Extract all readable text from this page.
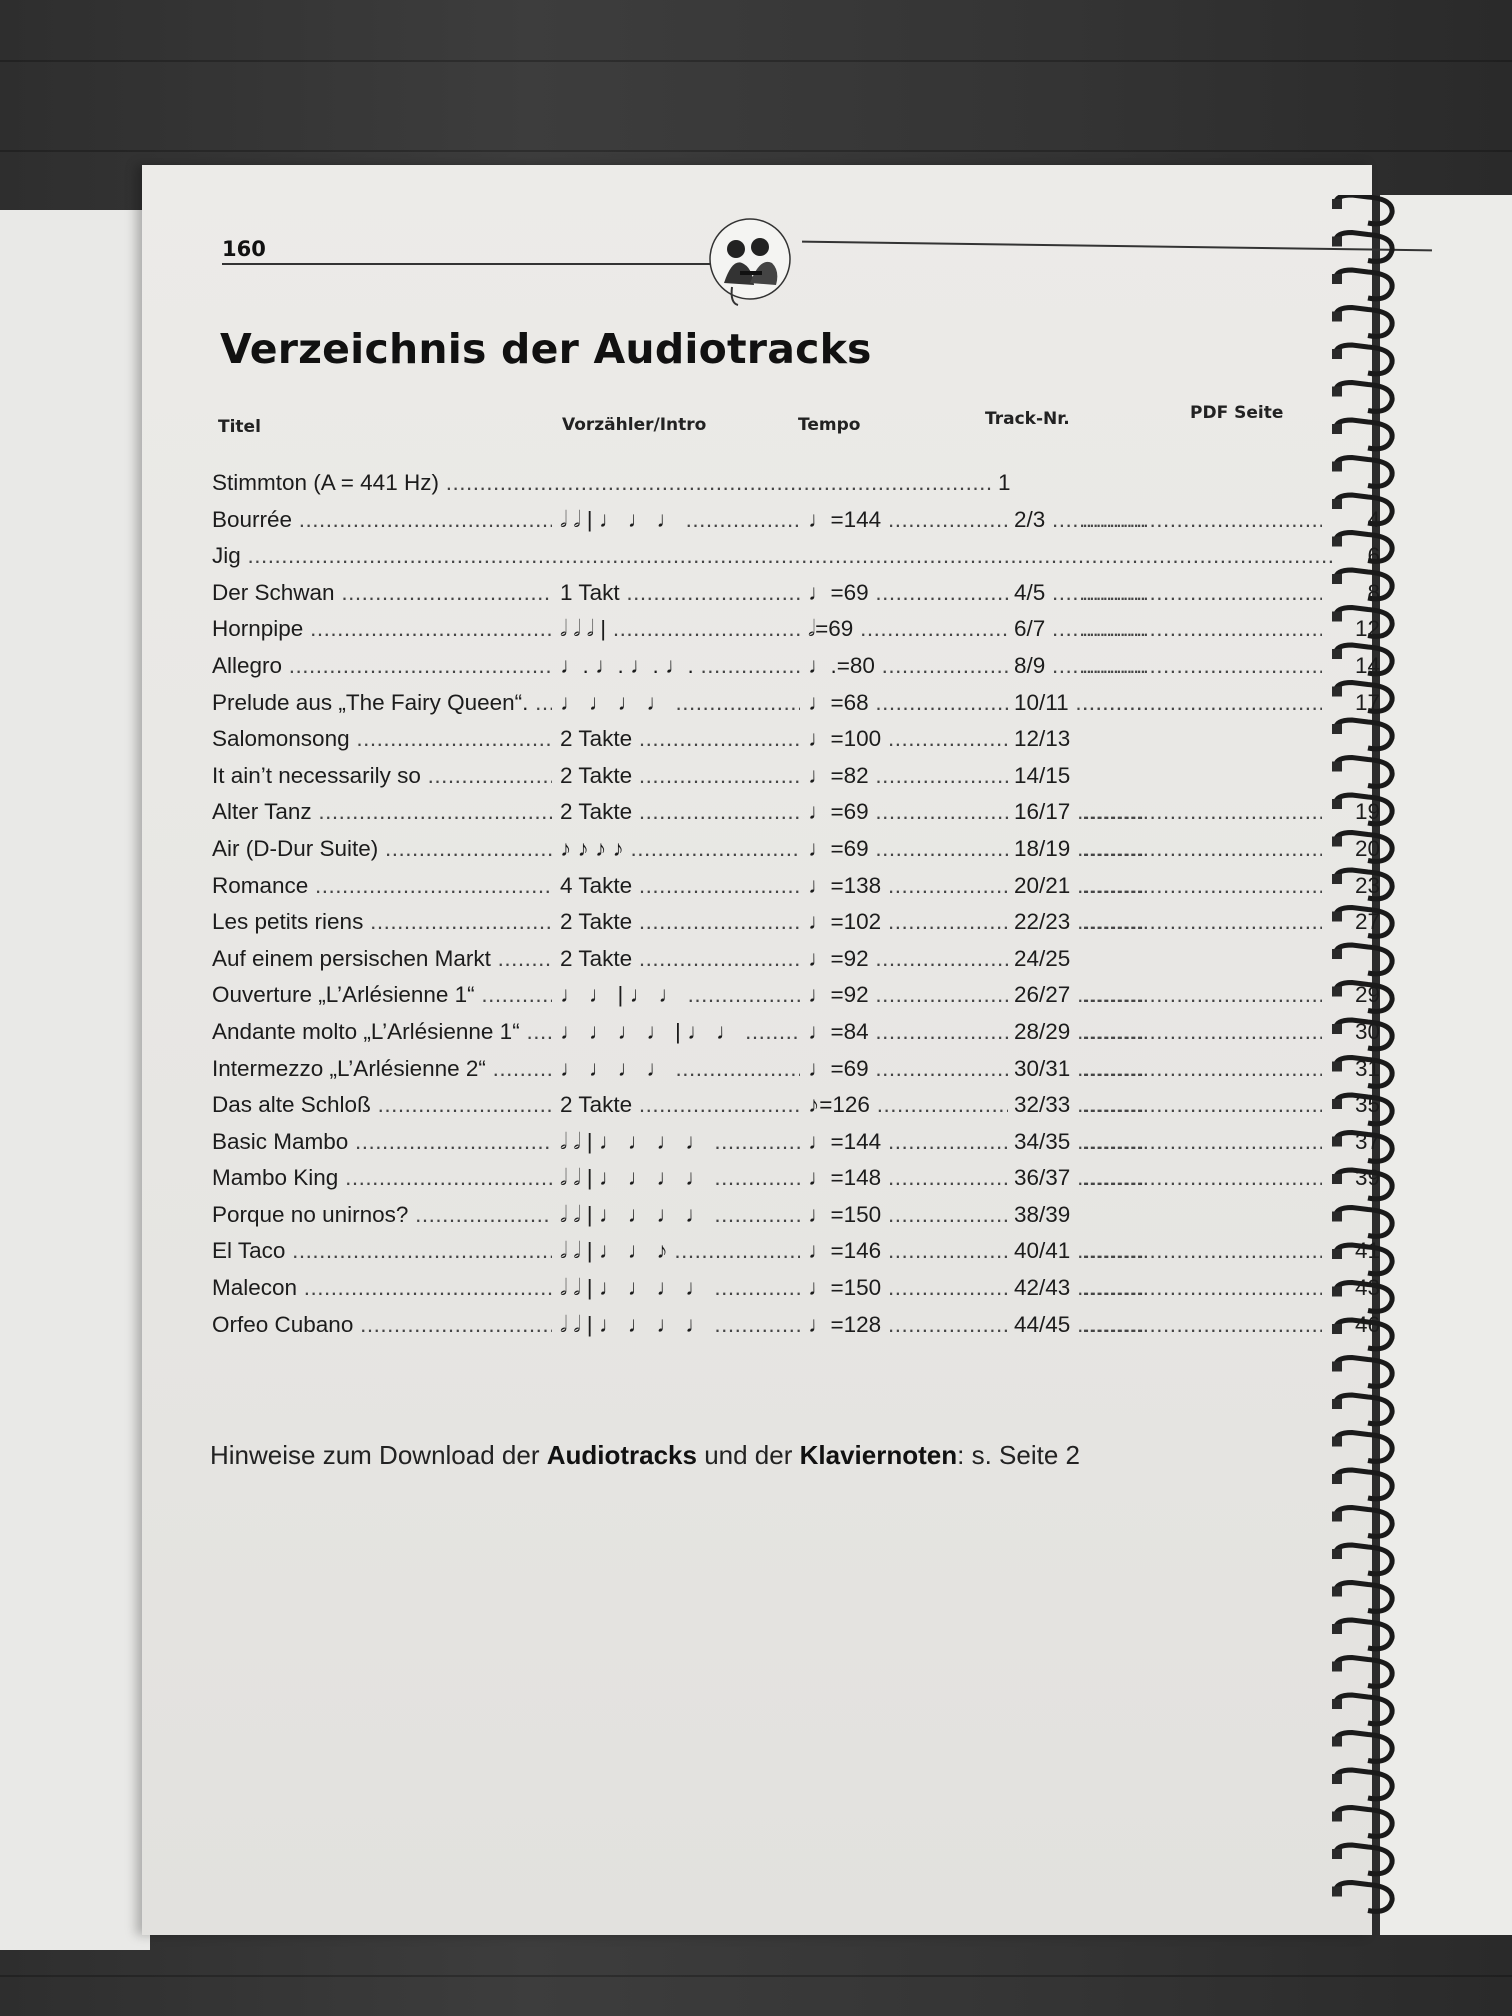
160
Verzeichnis der Audiotracks
Titel	Vorzähler/Intro	Tempo	Track-Nr.	PDF Seite
Stimmton (A = 441 Hz) .....	1
Bourrée .....	𝅗𝅥 𝅗𝅥 | ♩ ♩ ♩ .....	♩=144 .....	2/3 ..... .....	4
Jig .....	6
Der Schwan .....	1 Takt .....	♩=69 .....	4/5 ..... .....	8
Hornpipe .....	𝅗𝅥 𝅗𝅥 𝅗𝅥 | .....	𝅗𝅥=69 .....	6/7 ..... .....	12
Allegro .....	♩. ♩. ♩. ♩. .....	♩.=80 .....	8/9 ..... .....	14
Prelude aus „The Fairy Queen“. .....	♩ ♩ ♩ ♩ .....	♩=68 .....	10/11 ..... .....	17
Salomonsong .....	2 Takte .....	♩=100 .....	12/13
It ain’t necessarily so .....	2 Takte .....	♩=82 .....	14/15
Alter Tanz .....	2 Takte .....	♩=69 .....	16/17 ..... .....	19
Air (D-Dur Suite) .....	♪ ♪ ♪ ♪ .....	♩=69 .....	18/19 ..... .....	20
Romance .....	4 Takte .....	♩=138 .....	20/21 ..... .....	23
Les petits riens .....	2 Takte .....	♩=102 .....	22/23 ..... .....	27
Auf einem persischen Markt .....	2 Takte .....	♩=92 .....	24/25
Ouverture „L’Arlésienne 1“ .....	♩ ♩ | ♩ ♩ .....	♩=92 .....	26/27 ..... .....	29
Andante molto „L’Arlésienne 1“ .....	♩ ♩ ♩ ♩ | ♩ ♩ .....	♩=84 .....	28/29 ..... .....	30
Intermezzo „L’Arlésienne 2“ .....	♩ ♩ ♩ ♩ .....	♩=69 .....	30/31 ..... .....	31
Das alte Schloß .....	2 Takte .....	♪=126 .....	32/33 ..... .....	35
Basic Mambo .....	𝅗𝅥 𝅗𝅥 | ♩ ♩ ♩ ♩ .....	♩=144 .....	34/35 ..... .....	37
Mambo King .....	𝅗𝅥 𝅗𝅥 | ♩ ♩ ♩ ♩ .....	♩=148 .....	36/37 ..... .....	39
Porque no unirnos? .....	𝅗𝅥 𝅗𝅥 | ♩ ♩ ♩ ♩ .....	♩=150 .....	38/39
El Taco .....	𝅗𝅥 𝅗𝅥 | ♩ ♩ ♪ .....	♩=146 .....	40/41 ..... .....	41
Malecon .....	𝅗𝅥 𝅗𝅥 | ♩ ♩ ♩ ♩ .....	♩=150 .....	42/43 ..... .....	43
Orfeo Cubano .....	𝅗𝅥 𝅗𝅥 | ♩ ♩ ♩ ♩ .....	♩=128 .....	44/45 ..... .....	46
Hinweise zum Download der Audiotracks und der Klaviernoten: s. Seite 2
